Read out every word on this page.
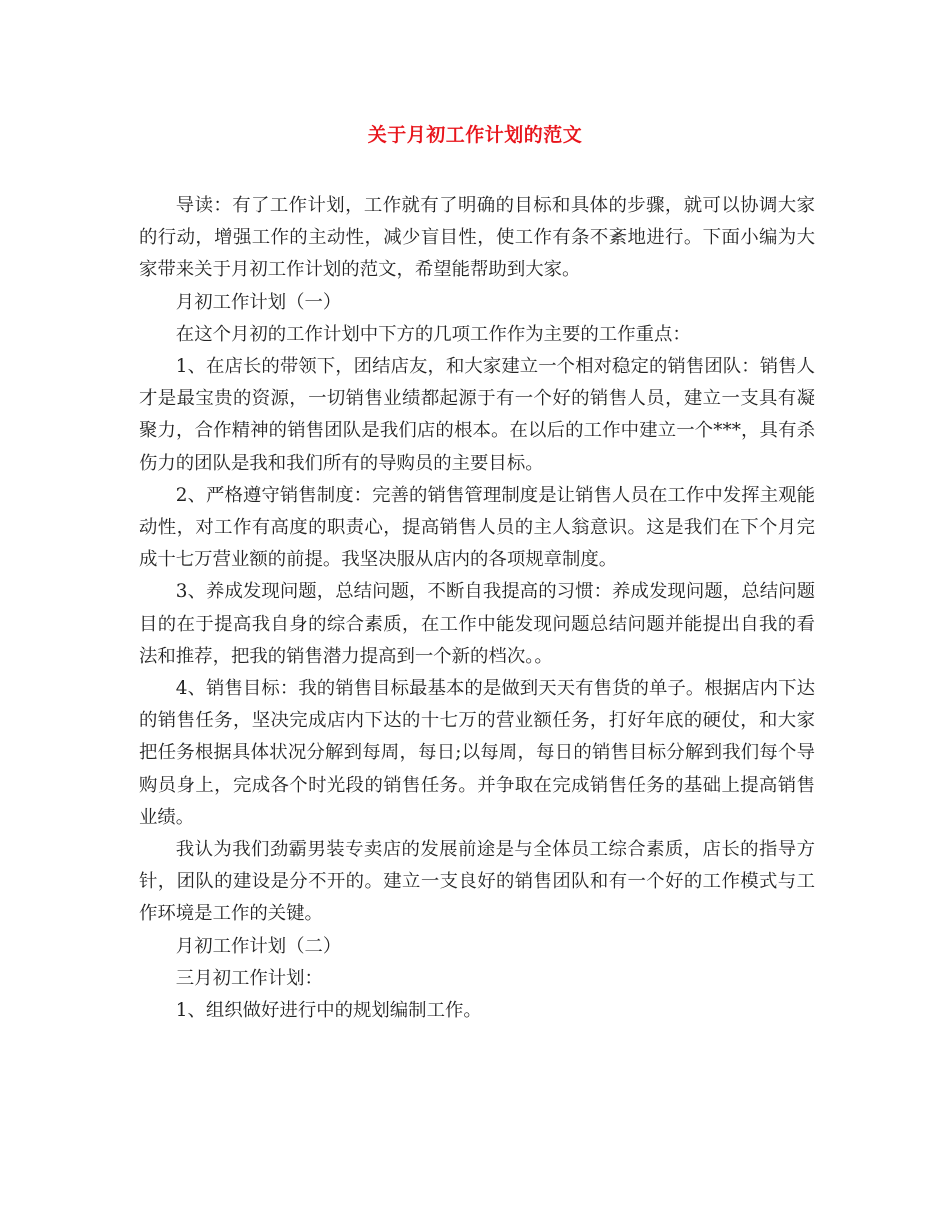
关于月初工作计划的范文

导读：有了工作计划，工作就有了明确的目标和具体的步骤，就可以协调大家的行动，增强工作的主动性，减少盲目性，使工作有条不紊地进行。下面小编为大家带来关于月初工作计划的范文，希望能帮助到大家。

月初工作计划（一）

在这个月初的工作计划中下方的几项工作作为主要的工作重点：

1、在店长的带领下，团结店友，和大家建立一个相对稳定的销售团队：销售人才是最宝贵的资源，一切销售业绩都起源于有一个好的销售人员，建立一支具有凝聚力，合作精神的销售团队是我们店的根本。在以后的工作中建立一个***，具有杀伤力的团队是我和我们所有的导购员的主要目标。

2、严格遵守销售制度：完善的销售管理制度是让销售人员在工作中发挥主观能动性，对工作有高度的职责心，提高销售人员的主人翁意识。这是我们在下个月完成十七万营业额的前提。我坚决服从店内的各项规章制度。

3、养成发现问题，总结问题，不断自我提高的习惯：养成发现问题，总结问题目的在于提高我自身的综合素质，在工作中能发现问题总结问题并能提出自我的看法和推荐，把我的销售潜力提高到一个新的档次。。

4、销售目标：我的销售目标最基本的是做到天天有售货的单子。根据店内下达的销售任务，坚决完成店内下达的十七万的营业额任务，打好年底的硬仗，和大家把任务根据具体状况分解到每周，每日;以每周，每日的销售目标分解到我们每个导购员身上，完成各个时光段的销售任务。并争取在完成销售任务的基础上提高销售业绩。

我认为我们劲霸男装专卖店的发展前途是与全体员工综合素质，店长的指导方针，团队的建设是分不开的。建立一支良好的销售团队和有一个好的工作模式与工作环境是工作的关键。

月初工作计划（二）

三月初工作计划：

1、组织做好进行中的规划编制工作。
